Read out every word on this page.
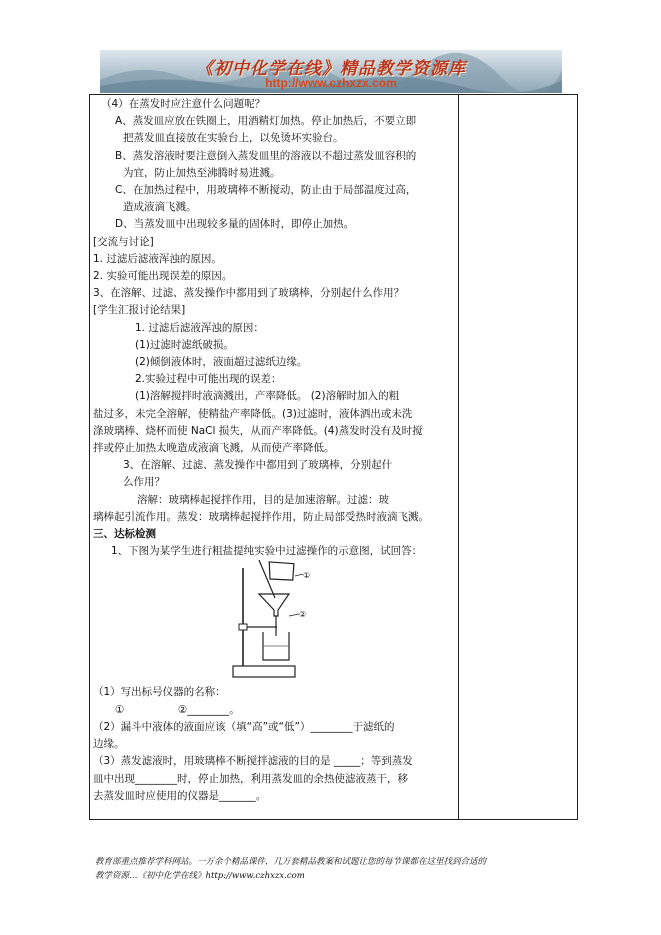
《初中化学在线》精品教学资源库
http://www.czhxzx.com
（4）在蒸发时应注意什么问题呢？
A、蒸发皿应放在铁圈上，用酒精灯加热。停止加热后，不要立即
把蒸发皿直接放在实验台上，以免烫坏实验台。
B、蒸发溶液时要注意倒入蒸发皿里的溶液以不超过蒸发皿容积的
为宜，防止加热至沸腾时易进溅。
C、在加热过程中，用玻璃棒不断搅动，防止由于局部温度过高，
造成液滴飞溅。
D、当蒸发皿中出现较多量的固体时，即停止加热。
[交流与讨论]
1. 过滤后滤液浑浊的原因。
2. 实验可能出现误差的原因。
3、在溶解、过滤、蒸发操作中都用到了玻璃棒，分别起什么作用？
[学生汇报讨论结果]
1. 过滤后滤液浑浊的原因：
(1)过滤时滤纸破损。
(2)倾倒液体时，液面超过滤纸边缘。
2.实验过程中可能出现的误差：
(1)溶解搅拌时液滴溅出，产率降低。 (2)溶解时加入的粗
盐过多，未完全溶解，使精盐产率降低。(3)过滤时，液体洒出或未洗
涤玻璃棒、烧杯而使 NaCl 损失，从而产率降低。(4)蒸发时没有及时搅
拌或停止加热太晚造成液滴飞溅，从而使产率降低。
3、在溶解、过滤、蒸发操作中都用到了玻璃棒，分别起什
么作用？
溶解：玻璃棒起搅拌作用，目的是加速溶解。过滤：玻
璃棒起引流作用。蒸发：玻璃棒起搅拌作用，防止局部受热时液滴飞溅。
三、达标检测
1、下图为某学生进行粗盐提纯实验中过滤操作的示意图，试回答：
①
②
（1）写出标号仪器的名称：
①                ②________。
（2）漏斗中液体的液面应该（填“高”或“低”）________于滤纸的
边缘。
（3）蒸发滤液时，用玻璃棒不断搅拌滤液的目的是 _____；等到蒸发
皿中出现________时，停止加热，利用蒸发皿的余热使滤液蒸干，移
去蒸发皿时应使用的仪器是_______。
教育部重点推荐学科网站。一万余个精品课件，几万套精品教案和试题让您的每节课都在这里找到合适的
教学资源…《初中化学在线》http://www.czhxzx.com
